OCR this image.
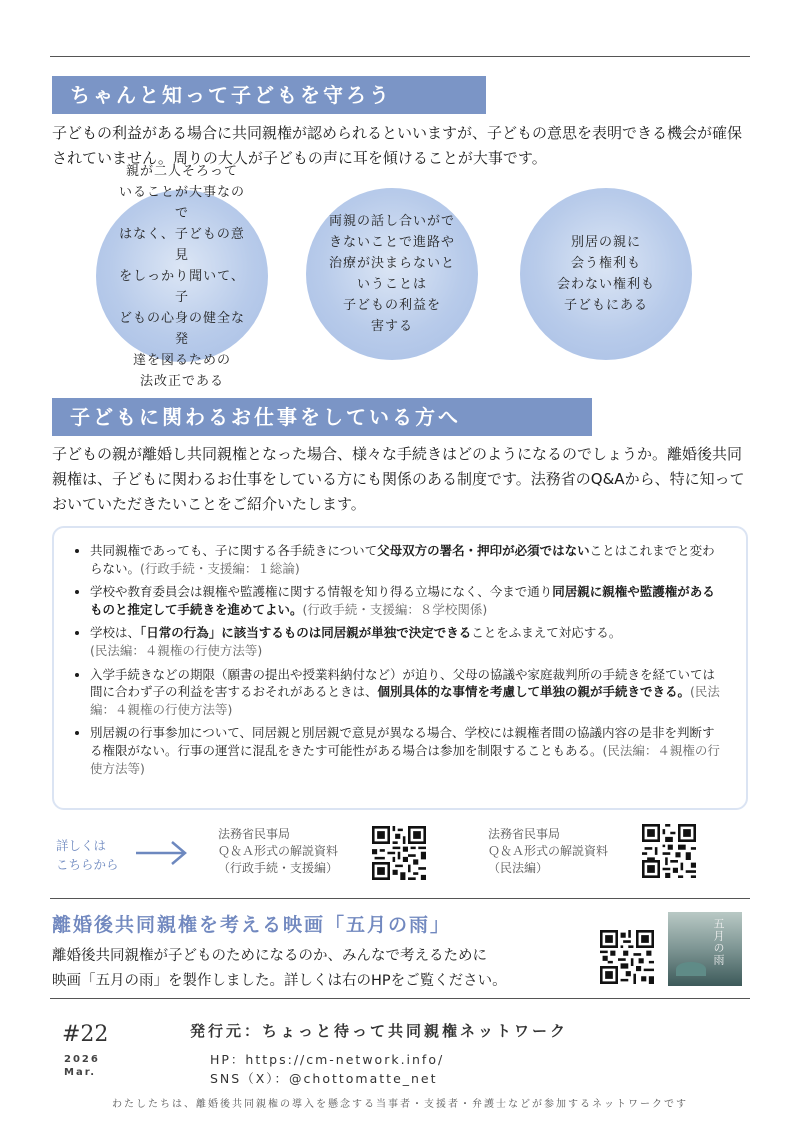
ちゃんと知って子どもを守ろう

子どもの利益がある場合に共同親権が認められるといいますが、子どもの意思を表明できる機会が確保されていません。周りの大人が子どもの声に耳を傾けることが大事です。

親が二人そろって
いることが大事なので
はなく、子どもの意見
をしっかり聞いて、子
どもの心身の健全な発
達を図るための
法改正である
両親の話し合いがで
きないことで進路や
治療が決まらないと
いうことは
子どもの利益を
害する
別居の親に
会う権利も
会わない権利も
子どもにある
子どもに関わるお仕事をしている方へ

子どもの親が離婚し共同親権となった場合、様々な手続きはどのようになるのでしょうか。離婚後共同親権は、子どもに関わるお仕事をしている方にも関係のある制度です。法務省のQ&Aから、特に知っておいていただきたいことをご紹介いたします。

• 共同親権であっても、子に関する各手続きについて父母双方の署名・押印が必須ではないことはこれまでと変わらない。(行政手続・支援編：１総論)
• 学校や教育委員会は親権や監護権に関する情報を知り得る立場になく、今まで通り同居親に親権や監護権があるものと推定して手続きを進めてよい。(行政手続・支援編：８学校関係)
• 学校は、「日常の行為」に該当するものは同居親が単独で決定できることをふまえて対応する。
(民法編：４親権の行使方法等)
• 入学手続きなどの期限（願書の提出や授業料納付など）が迫り、父母の協議や家庭裁判所の手続きを経ていては間に合わず子の利益を害するおそれがあるときは、個別具体的な事情を考慮して単独の親が手続きできる。(民法編：４親権の行使方法等)
• 別居親の行事参加について、同居親と別居親で意見が異なる場合、学校には親権者間の協議内容の是非を判断する権限がない。行事の運営に混乱をきたす可能性がある場合は参加を制限することもある。(民法編：４親権の行使方法等)
詳しくは
こちらから
法務省民事局
Ｑ＆Ａ形式の解説資料
（行政手続・支援編）
法務省民事局
Ｑ＆Ａ形式の解説資料
（民法編）
離婚後共同親権を考える映画「五月の雨」
離婚後共同親権が子どものためになるのか、みんなで考えるために
映画「五月の雨」を製作しました。詳しくは右のHPをご覧ください。
五月の雨
#22
2026
Mar.
発行元：ちょっと待って共同親権ネットワーク
HP：https://cm-network.info/
SNS（X）：@chottomatte_net
わたしたちは、離婚後共同親権の導入を懸念する当事者・支援者・弁護士などが参加するネットワークです
